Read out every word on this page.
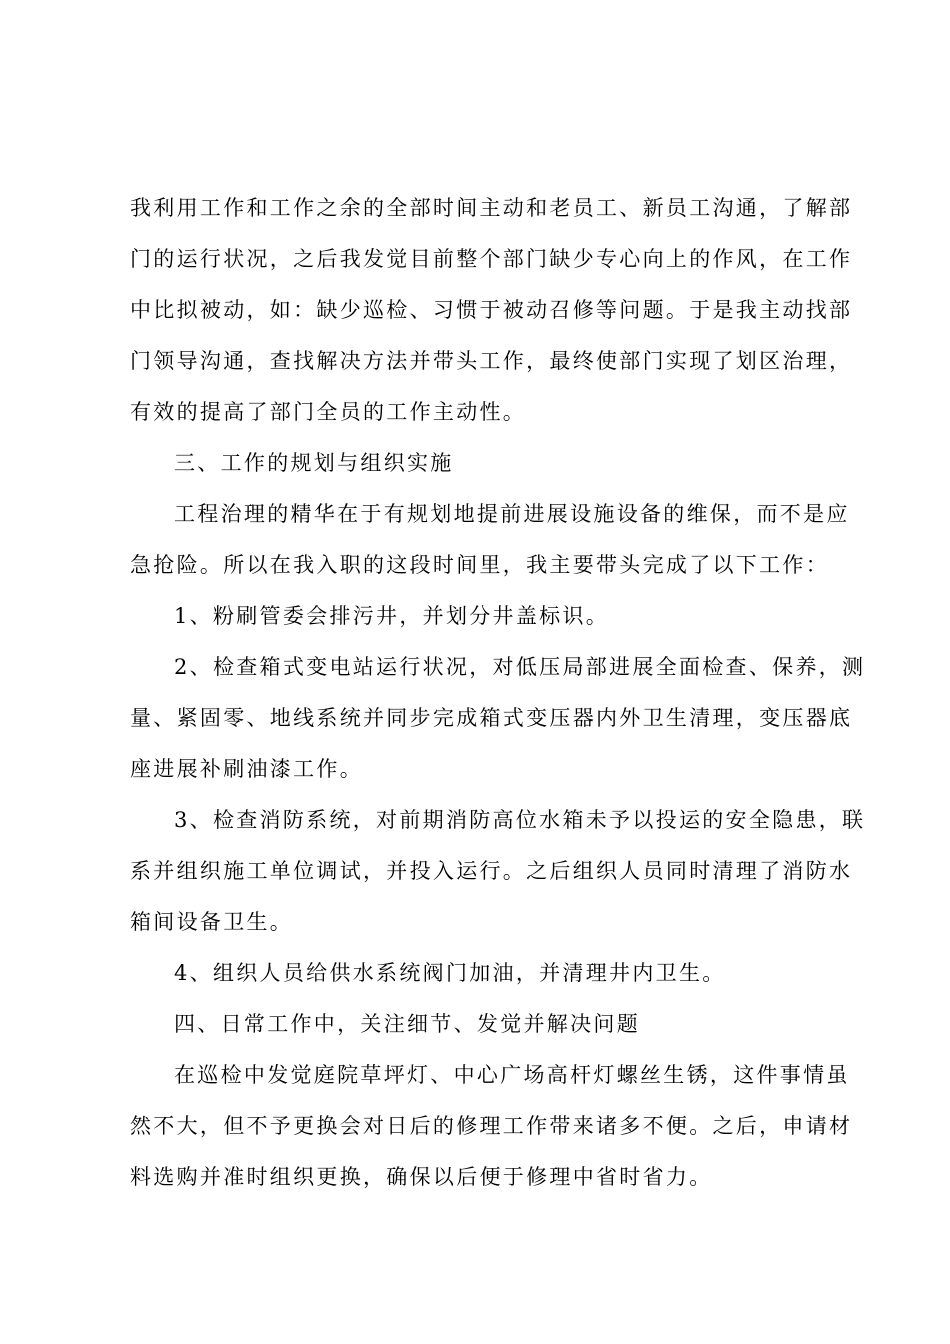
我利用工作和工作之余的全部时间主动和老员工、新员工沟通，了解部
门的运行状况，之后我发觉目前整个部门缺少专心向上的作风，在工作
中比拟被动，如：缺少巡检、习惯于被动召修等问题。于是我主动找部
门领导沟通，查找解决方法并带头工作，最终使部门实现了划区治理，
有效的提高了部门全员的工作主动性。
三、工作的规划与组织实施
工程治理的精华在于有规划地提前进展设施设备的维保，而不是应
急抢险。所以在我入职的这段时间里，我主要带头完成了以下工作：
1、粉刷管委会排污井，并划分井盖标识。
2、检查箱式变电站运行状况，对低压局部进展全面检查、保养，测
量、紧固零、地线系统并同步完成箱式变压器内外卫生清理，变压器底
座进展补刷油漆工作。
3、检查消防系统，对前期消防高位水箱未予以投运的安全隐患，联
系并组织施工单位调试，并投入运行。之后组织人员同时清理了消防水
箱间设备卫生。
4、组织人员给供水系统阀门加油，并清理井内卫生。
四、日常工作中，关注细节、发觉并解决问题
在巡检中发觉庭院草坪灯、中心广场高杆灯螺丝生锈，这件事情虽
然不大，但不予更换会对日后的修理工作带来诸多不便。之后，申请材
料选购并准时组织更换，确保以后便于修理中省时省力。
